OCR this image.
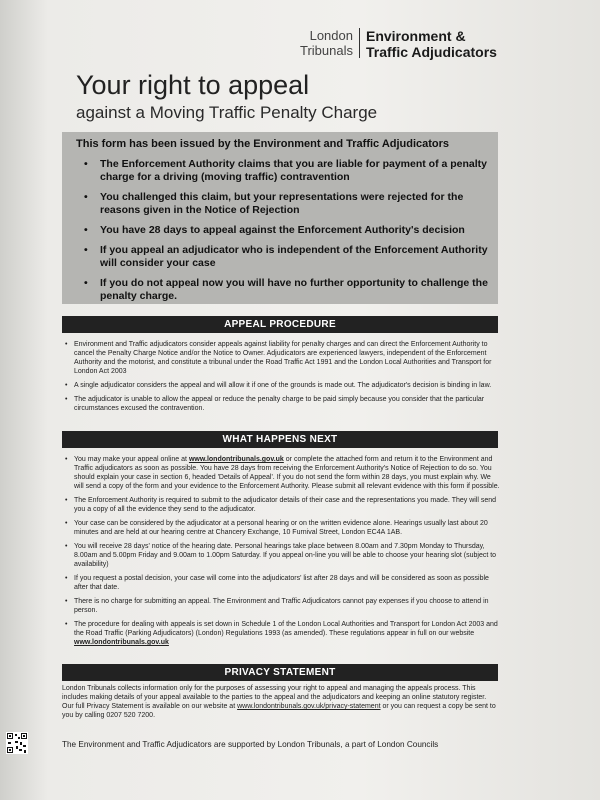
London
Tribunals
Environment &
Traffic Adjudicators
Your right to appeal
against a Moving Traffic Penalty Charge
This form has been issued by the Environment and Traffic Adjudicators
• The Enforcement Authority claims that you are liable for payment of a penalty charge for a driving (moving traffic) contravention
• You challenged this claim, but your representations were rejected for the reasons given in the Notice of Rejection
• You have 28 days to appeal against the Enforcement Authority's decision
• If you appeal an adjudicator who is independent of the Enforcement Authority will consider your case
• If you do not appeal now you will have no further opportunity to challenge the penalty charge.
APPEAL PROCEDURE
• Environment and Traffic adjudicators consider appeals against liability for penalty charges and can direct the Enforcement Authority to cancel the Penalty Charge Notice and/or the Notice to Owner. Adjudicators are experienced lawyers, independent of the Enforcement Authority and the motorist, and constitute a tribunal under the Road Traffic Act 1991 and the London Local Authorities and Transport for London Act 2003
• A single adjudicator considers the appeal and will allow it if one of the grounds is made out. The adjudicator's decision is binding in law.
• The adjudicator is unable to allow the appeal or reduce the penalty charge to be paid simply because you consider that the particular circumstances excused the contravention.
WHAT HAPPENS NEXT
• You may make your appeal online at www.londontribunals.gov.uk or complete the attached form and return it to the Environment and Traffic adjudicators as soon as possible. You have 28 days from receiving the Enforcement Authority's Notice of Rejection to do so. You should explain your case in section 6, headed 'Details of Appeal'. If you do not send the form within 28 days, you must explain why. We will send a copy of the form and your evidence to the Enforcement Authority. Please submit all relevant evidence with this form if possible.
• The Enforcement Authority is required to submit to the adjudicator details of their case and the representations you made. They will send you a copy of all the evidence they send to the adjudicator.
• Your case can be considered by the adjudicator at a personal hearing or on the written evidence alone. Hearings usually last about 20 minutes and are held at our hearing centre at Chancery Exchange, 10 Furnival Street, London EC4A 1AB.
• You will receive 28 days' notice of the hearing date. Personal hearings take place between 8.00am and 7.30pm Monday to Thursday, 8.00am and 5.00pm Friday and 9.00am to 1.00pm Saturday. If you appeal on-line you will be able to choose your hearing slot (subject to availability)
• If you request a postal decision, your case will come into the adjudicators' list after 28 days and will be considered as soon as possible after that date.
• There is no charge for submitting an appeal. The Environment and Traffic Adjudicators cannot pay expenses if you choose to attend in person.
• The procedure for dealing with appeals is set down in Schedule 1 of the London Local Authorities and Transport for London Act 2003 and the Road Traffic (Parking Adjudicators) (London) Regulations 1993 (as amended). These regulations appear in full on our website www.londontribunals.gov.uk
PRIVACY STATEMENT
London Tribunals collects information only for the purposes of assessing your right to appeal and managing the appeals process. This includes making details of your appeal available to the parties to the appeal and the adjudicators and keeping an online statutory register. Our full Privacy Statement is available on our website at www.londontribunals.gov.uk/privacy-statement or you can request a copy be sent to you by calling 0207 520 7200.
The Environment and Traffic Adjudicators are supported by London Tribunals, a part of London Councils
